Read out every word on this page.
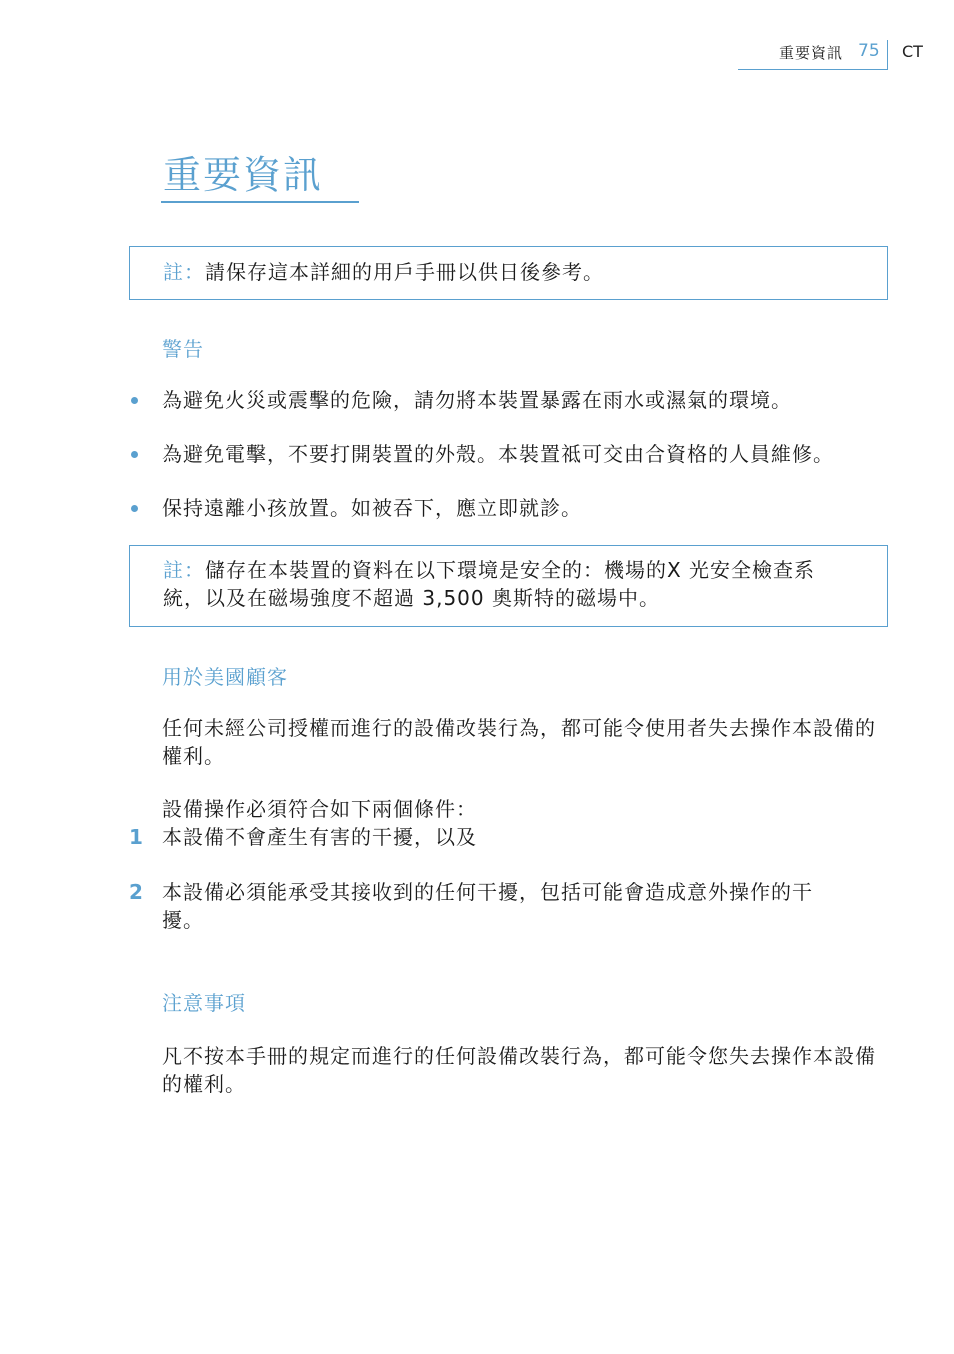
重要資訊 75 CT
重要資訊
註：請保存這本詳細的用戶手冊以供日後參考。
警告
為避免火災或震擊的危險，請勿將本裝置暴露在雨水或濕氣的環境。
為避免電擊，不要打開裝置的外殼。本裝置祗可交由合資格的人員維修。
保持遠離小孩放置。如被吞下，應立即就診。
註：儲存在本裝置的資料在以下環境是安全的：機場的X 光安全檢查系統，以及在磁場強度不超過 3,500 奧斯特的磁場中。
用於美國顧客
任何未經公司授權而進行的設備改裝行為，都可能令使用者失去操作本設備的權利。
設備操作必須符合如下兩個條件：
1 本設備不會產生有害的干擾，以及
2 本設備必須能承受其接收到的任何干擾，包括可能會造成意外操作的干擾。
注意事項
凡不按本手冊的規定而進行的任何設備改裝行為，都可能令您失去操作本設備的權利。
